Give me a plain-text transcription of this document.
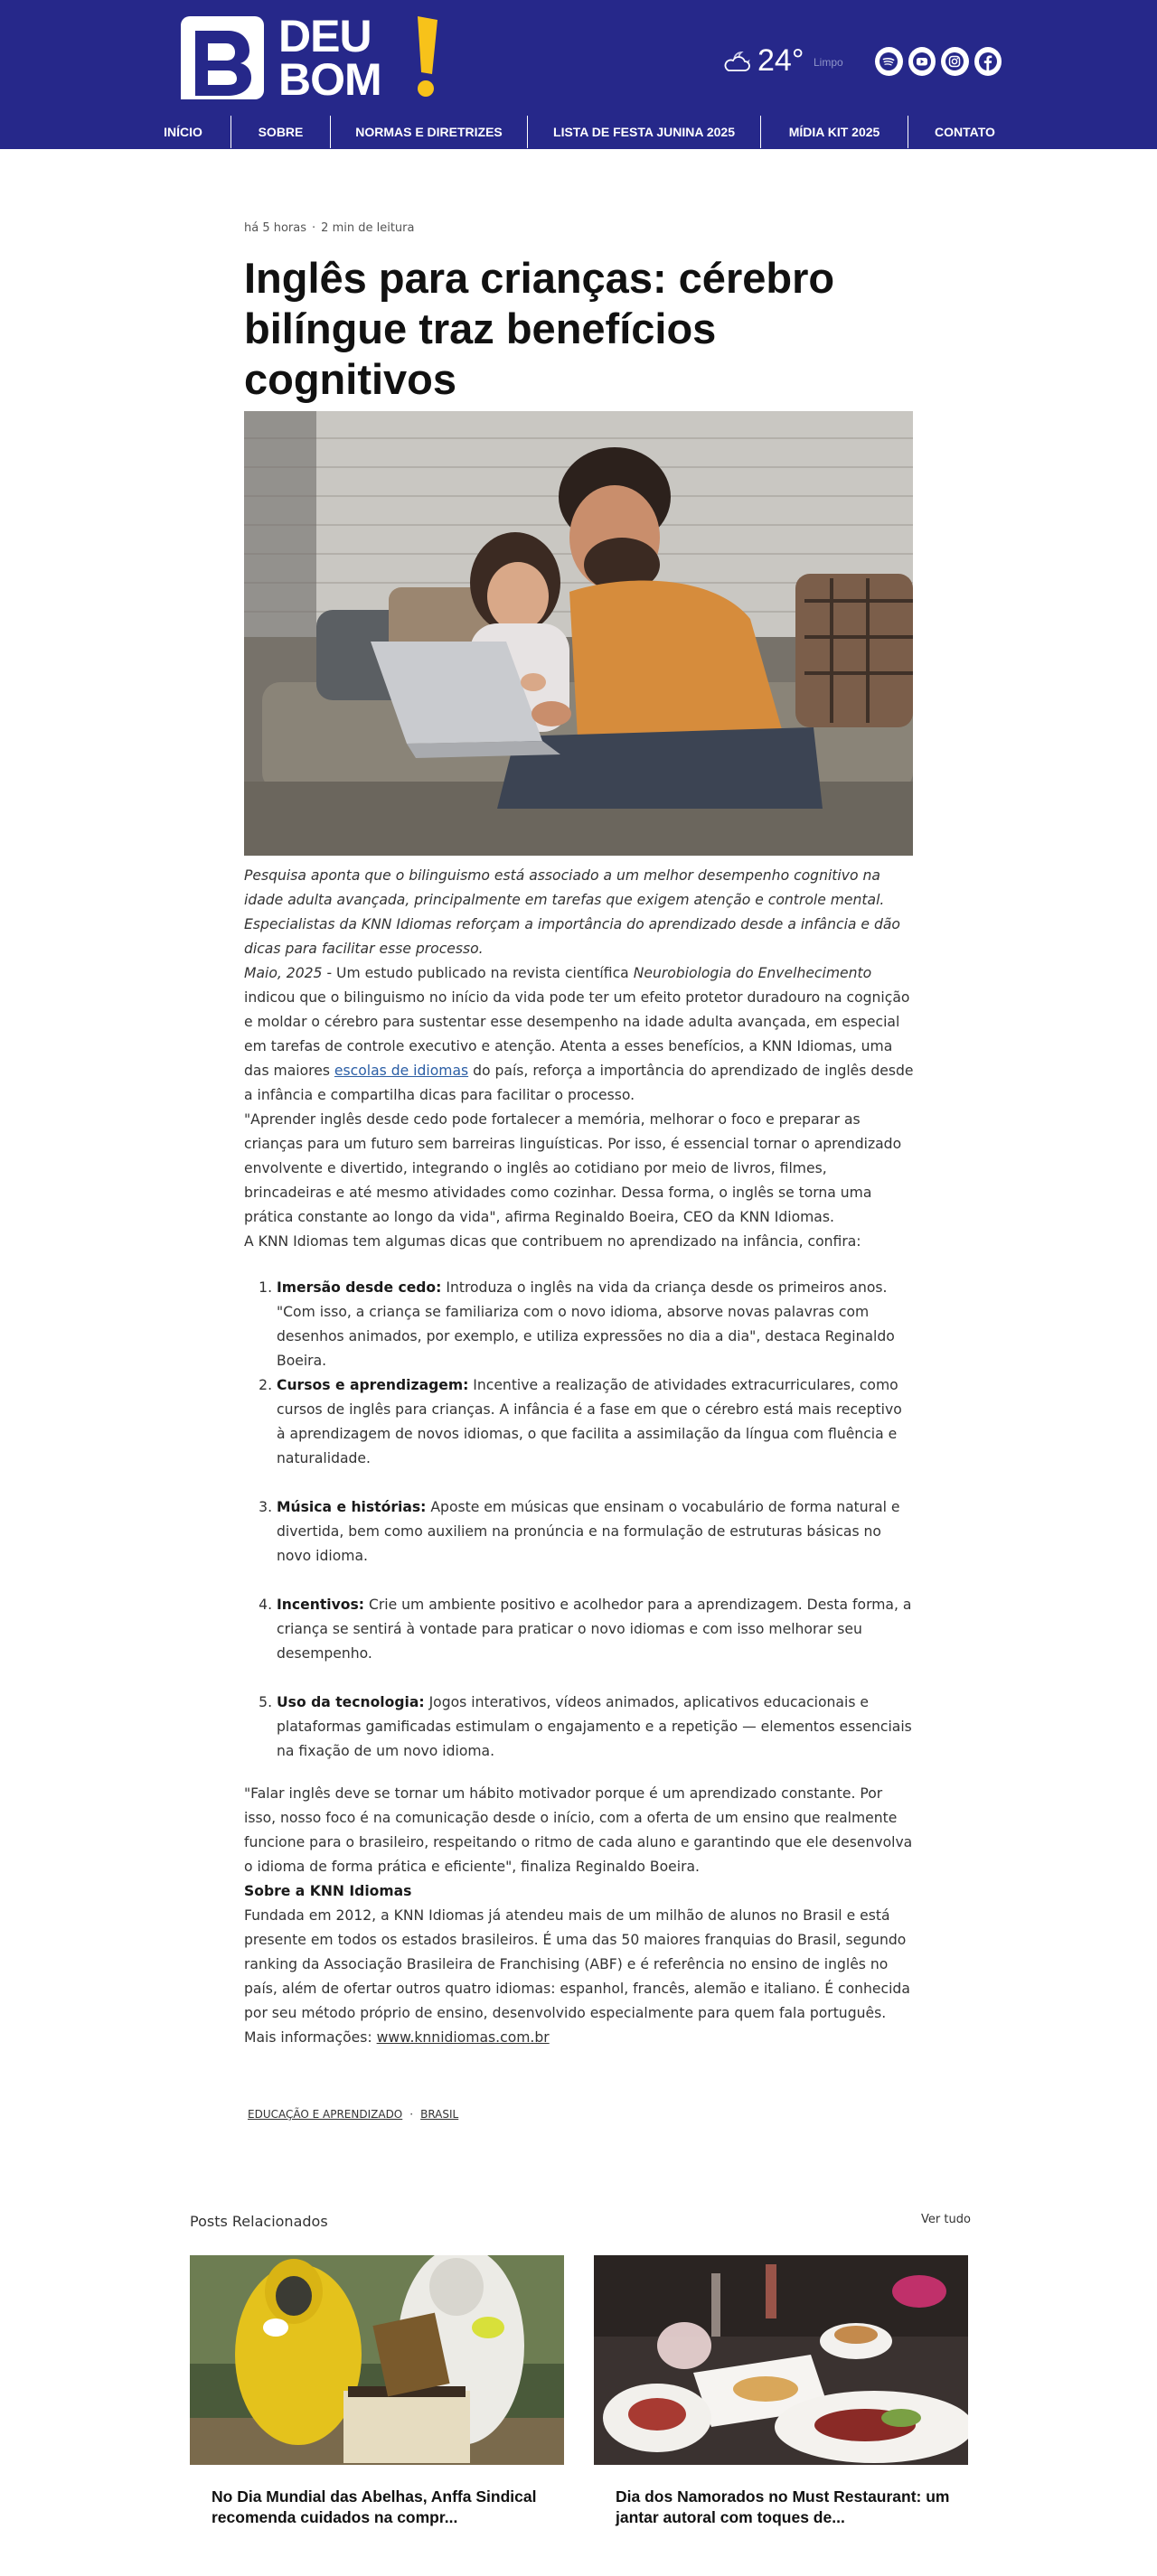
DEU
BOM	24° Limpo
INÍCIO	SOBRE	NORMAS E DIRETRIZES	LISTA DE FESTA JUNINA 2025	MÍDIA KIT 2025	CONTATO
há 5 horas · 2 min de leitura
Inglês para crianças: cérebro bilíngue traz benefícios cognitivos

Pesquisa aponta que o bilinguismo está associado a um melhor desempenho cognitivo na idade adulta avançada, principalmente em tarefas que exigem atenção e controle mental. Especialistas da KNN Idiomas reforçam a importância do aprendizado desde a infância e dão dicas para facilitar esse processo.

Maio, 2025 - Um estudo publicado na revista científica Neurobiologia do Envelhecimento indicou que o bilinguismo no início da vida pode ter um efeito protetor duradouro na cognição e moldar o cérebro para sustentar esse desempenho na idade adulta avançada, em especial em tarefas de controle executivo e atenção. Atenta a esses benefícios, a KNN Idiomas, uma das maiores escolas de idiomas do país, reforça a importância do aprendizado de inglês desde a infância e compartilha dicas para facilitar o processo.

"Aprender inglês desde cedo pode fortalecer a memória, melhorar o foco e preparar as crianças para um futuro sem barreiras linguísticas. Por isso, é essencial tornar o aprendizado envolvente e divertido, integrando o inglês ao cotidiano por meio de livros, filmes, brincadeiras e até mesmo atividades como cozinhar. Dessa forma, o inglês se torna uma prática constante ao longo da vida", afirma Reginaldo Boeira, CEO da KNN Idiomas.

A KNN Idiomas tem algumas dicas que contribuem no aprendizado na infância, confira:

1. Imersão desde cedo: Introduza o inglês na vida da criança desde os primeiros anos. "Com isso, a criança se familiariza com o novo idioma, absorve novas palavras com desenhos animados, por exemplo, e utiliza expressões no dia a dia", destaca Reginaldo Boeira.
2. Cursos e aprendizagem: Incentive a realização de atividades extracurriculares, como cursos de inglês para crianças. A infância é a fase em que o cérebro está mais receptivo à aprendizagem de novos idiomas, o que facilita a assimilação da língua com fluência e naturalidade.
3. Música e histórias: Aposte em músicas que ensinam o vocabulário de forma natural e divertida, bem como auxiliem na pronúncia e na formulação de estruturas básicas no novo idioma.
4. Incentivos: Crie um ambiente positivo e acolhedor para a aprendizagem. Desta forma, a criança se sentirá à vontade para praticar o novo idiomas e com isso melhorar seu desempenho.
5. Uso da tecnologia: Jogos interativos, vídeos animados, aplicativos educacionais e plataformas gamificadas estimulam o engajamento e a repetição — elementos essenciais na fixação de um novo idioma.

"Falar inglês deve se tornar um hábito motivador porque é um aprendizado constante. Por isso, nosso foco é na comunicação desde o início, com a oferta de um ensino que realmente funcione para o brasileiro, respeitando o ritmo de cada aluno e garantindo que ele desenvolva o idioma de forma prática e eficiente", finaliza Reginaldo Boeira.

Sobre a KNN Idiomas

Fundada em 2012, a KNN Idiomas já atendeu mais de um milhão de alunos no Brasil e está presente em todos os estados brasileiros. É uma das 50 maiores franquias do Brasil, segundo ranking da Associação Brasileira de Franchising (ABF) e é referência no ensino de inglês no país, além de ofertar outros quatro idiomas: espanhol, francês, alemão e italiano. É conhecida por seu método próprio de ensino, desenvolvido especialmente para quem fala português.

Mais informações: www.knnidiomas.com.br

EDUCAÇÃO E APRENDIZADO · BRASIL
Posts Relacionados	Ver tudo
No Dia Mundial das Abelhas, Anffa Sindical recomenda cuidados na compr...
Dia dos Namorados no Must Restaurant: um jantar autoral com toques de...
